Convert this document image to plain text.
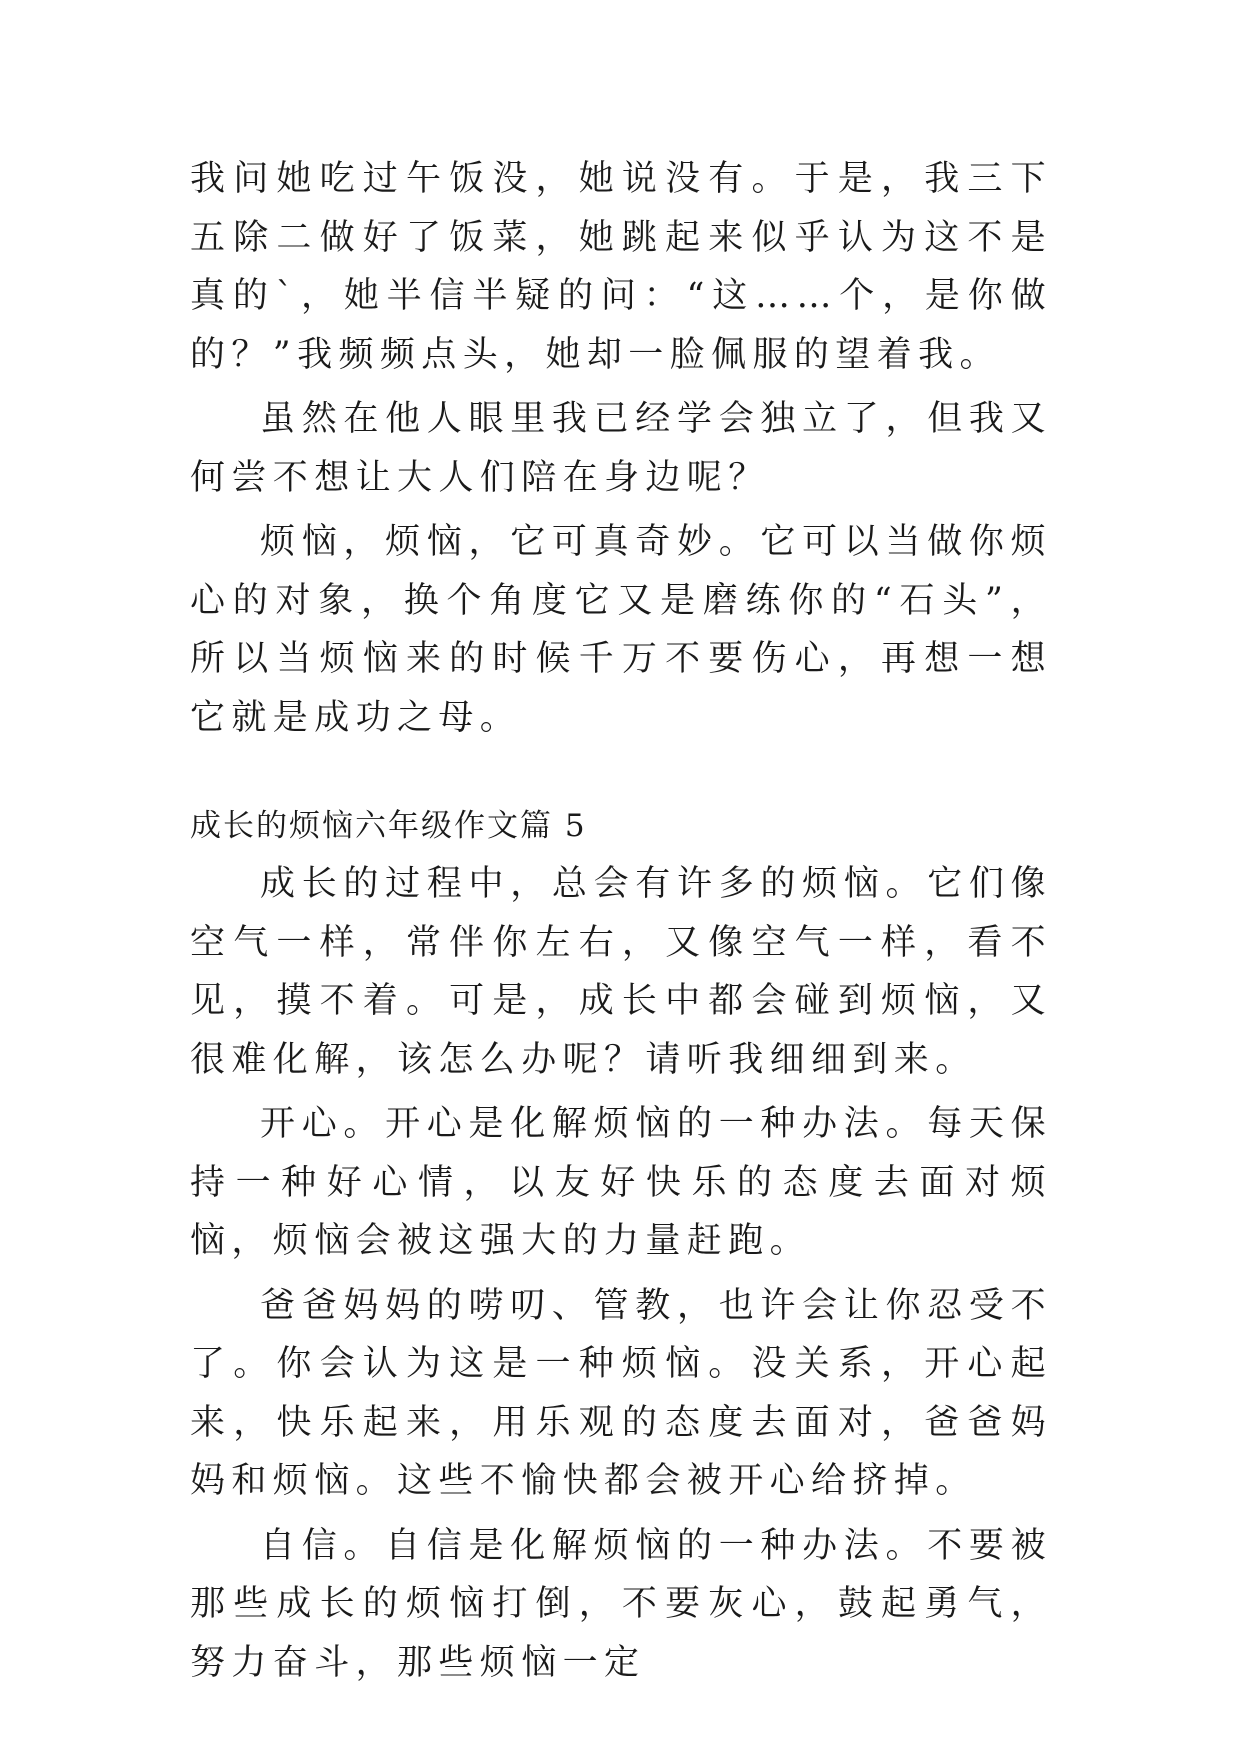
我问她吃过午饭没，她说没有。于是，我三下五除二做好了饭菜，她跳起来似乎认为这不是真的`，她半信半疑的问：“这……个，是你做的？”我频频点头，她却一脸佩服的望着我。

虽然在他人眼里我已经学会独立了，但我又何尝不想让大人们陪在身边呢？

烦恼，烦恼，它可真奇妙。它可以当做你烦心的对象，换个角度它又是磨练你的“石头”，所以当烦恼来的时候千万不要伤心，再想一想它就是成功之母。

成长的烦恼六年级作文篇 5

成长的过程中，总会有许多的烦恼。它们像空气一样，常伴你左右，又像空气一样，看不见，摸不着。可是，成长中都会碰到烦恼，又很难化解，该怎么办呢？请听我细细到来。

开心。开心是化解烦恼的一种办法。每天保持一种好心情，以友好快乐的态度去面对烦恼，烦恼会被这强大的力量赶跑。

爸爸妈妈的唠叨、管教，也许会让你忍受不了。你会认为这是一种烦恼。没关系，开心起来，快乐起来，用乐观的态度去面对，爸爸妈妈和烦恼。这些不愉快都会被开心给挤掉。

自信。自信是化解烦恼的一种办法。不要被那些成长的烦恼打倒，不要灰心，鼓起勇气，努力奋斗，那些烦恼一定
